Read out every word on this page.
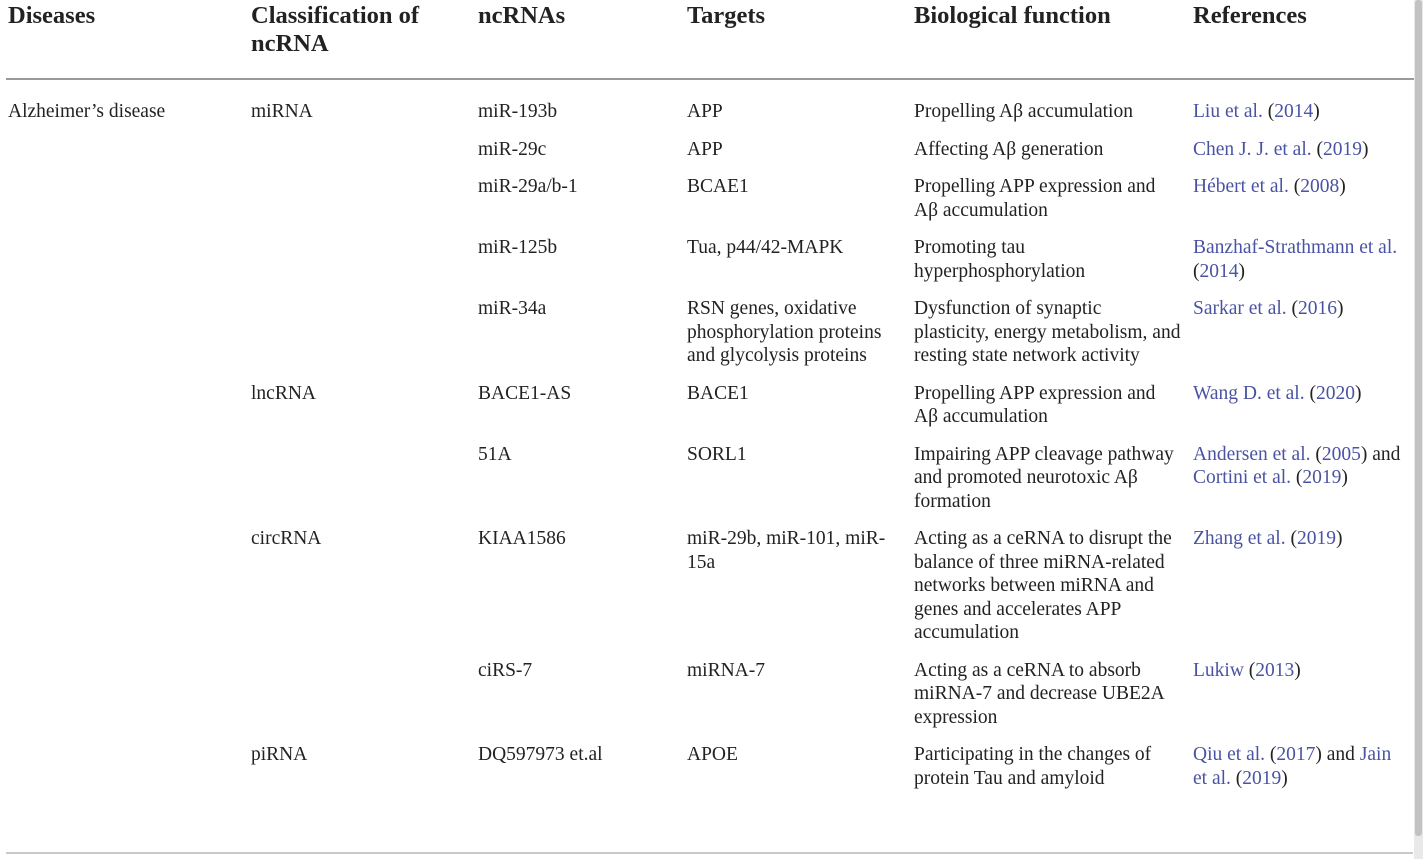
Diseases	Classification of ncRNA	ncRNAs	Targets	Biological function	References
Alzheimer’s disease	miRNA	miR-193b	APP	Propelling Aβ accumulation	Liu et al. (2014)
		miR-29c	APP	Affecting Aβ generation	Chen J. J. et al. (2019)
		miR-29a/b-1	BCAE1	Propelling APP expression and Aβ accumulation	Hébert et al. (2008)
		miR-125b	Tua, p44/42-MAPK	Promoting tau hyperphosphorylation	Banzhaf-Strathmann et al. (2014)
		miR-34a	RSN genes, oxidative phosphorylation proteins and glycolysis proteins	Dysfunction of synaptic plasticity, energy metabolism, and resting state network activity	Sarkar et al. (2016)
	lncRNA	BACE1-AS	BACE1	Propelling APP expression and Aβ accumulation	Wang D. et al. (2020)
		51A	SORL1	Impairing APP cleavage pathway and promoted neurotoxic Aβ formation	Andersen et al. (2005) and Cortini et al. (2019)
	circRNA	KIAA1586	miR-29b, miR-101, miR-15a	Acting as a ceRNA to disrupt the balance of three miRNA-related networks between miRNA and genes and accelerates APP accumulation	Zhang et al. (2019)
		ciRS-7	miRNA-7	Acting as a ceRNA to absorb miRNA-7 and decrease UBE2A expression	Lukiw (2013)
	piRNA	DQ597973 et.al	APOE	Participating in the changes of protein Tau and amyloid	Qiu et al. (2017) and Jain et al. (2019)
